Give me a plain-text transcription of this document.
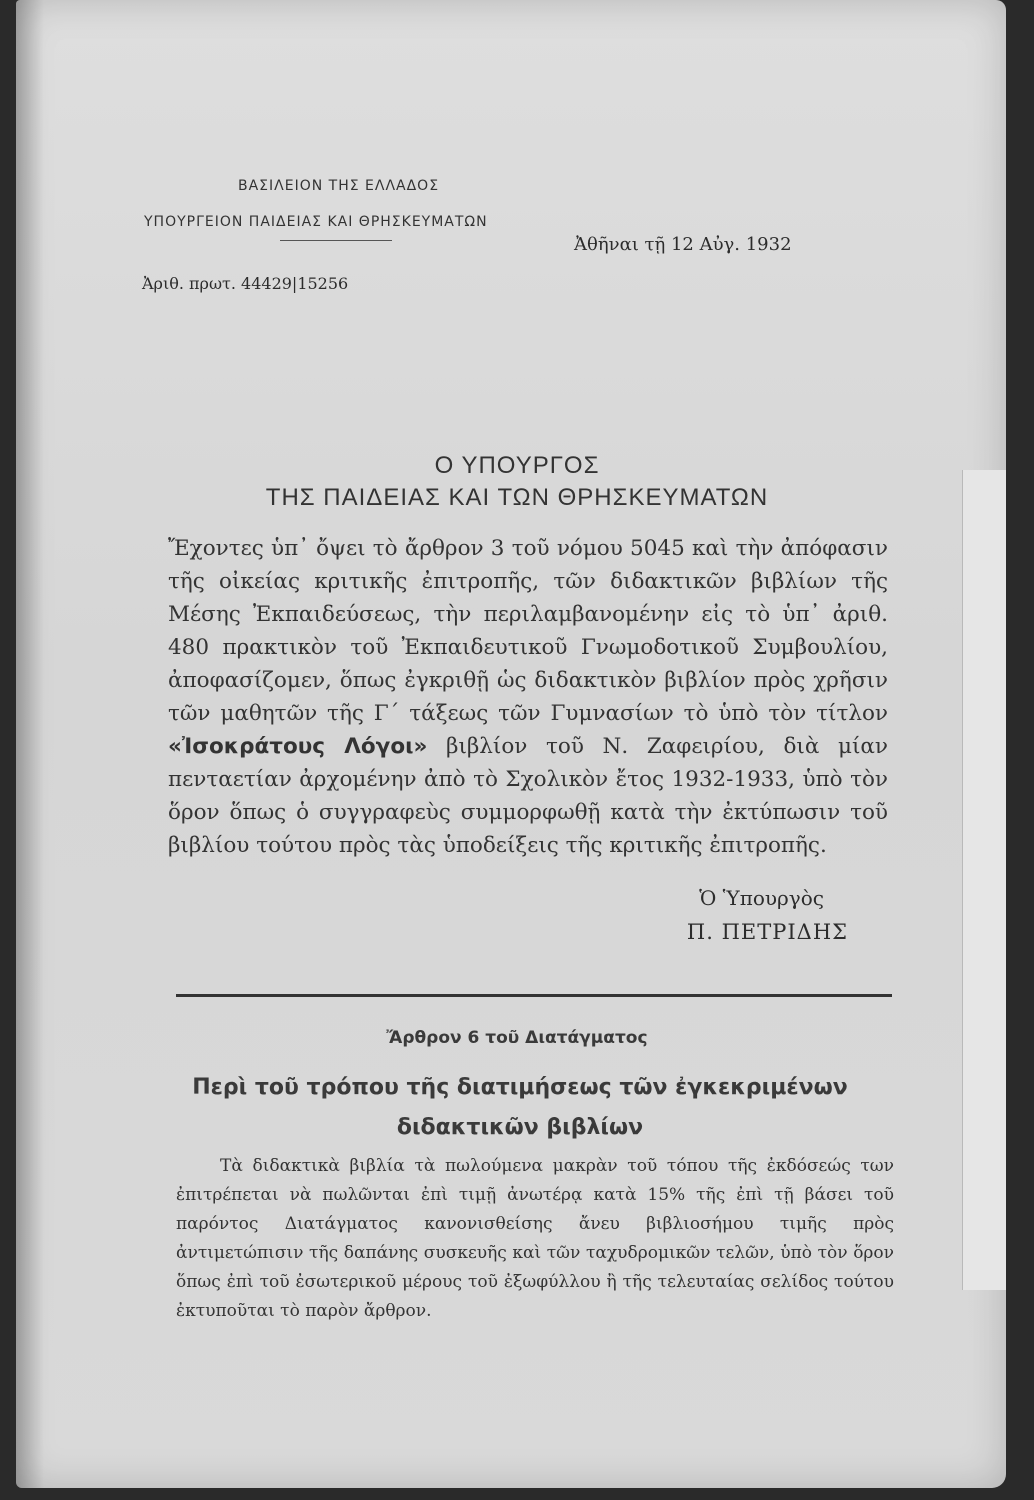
ΒΑΣΙΛΕΙΟΝ ΤΗΣ ΕΛΛΑΔΟΣ
ΥΠΟΥΡΓΕΙΟΝ ΠΑΙΔΕΙΑΣ ΚΑΙ ΘΡΗΣΚΕΥΜΑΤΩΝ
Ἀριθ. πρωτ. 44429|15256
Ἀθῆναι τῇ 12 Αὐγ. 1932
Ο ΥΠΟΥΡΓΟΣ
ΤΗΣ ΠΑΙΔΕΙΑΣ ΚΑΙ ΤΩΝ ΘΡΗΣΚΕΥΜΑΤΩΝ
Ἔχοντες ὑπ᾿ ὄψει τὸ ἄρθρον 3 τοῦ νόμου 5045 καὶ τὴν ἀπόφασιν τῆς οἰκείας κριτικῆς ἐπιτροπῆς, τῶν διδακτικῶν βιβλίων τῆς Μέσης Ἐκπαιδεύσεως, τὴν περιλαμβανομένην εἰς τὸ ὑπ᾿ ἀριθ. 480 πρακτικὸν τοῦ Ἐκπαιδευτικοῦ Γνωμοδοτικοῦ Συμβουλίου, ἀποφασίζομεν, ὅπως ἐγκριθῇ ὡς διδακτικὸν βιβλίον πρὸς χρῆσιν τῶν μαθητῶν τῆς Γ´ τάξεως τῶν Γυμνασίων τὸ ὑπὸ τὸν τίτλον «Ἰσοκράτους Λόγοι» βιβλίον τοῦ Ν. Ζαφειρίου, διὰ μίαν πενταετίαν ἀρχομένην ἀπὸ τὸ Σχολικὸν ἔτος 1932-1933, ὑπὸ τὸν ὅρον ὅπως ὁ συγγραφεὺς συμμορφωθῇ κατὰ τὴν ἐκτύπωσιν τοῦ βιβλίου τούτου πρὸς τὰς ὑποδείξεις τῆς κριτικῆς ἐπιτροπῆς.
Ὁ Ὑπουργὸς
Π. ΠΕΤΡΙΔΗΣ
Ἄρθρον 6 τοῦ Διατάγματος
Περὶ τοῦ τρόπου τῆς διατιμήσεως τῶν ἐγκεκριμένων διδακτικῶν βιβλίων
Τὰ διδακτικὰ βιβλία τὰ πωλούμενα μακρὰν τοῦ τόπου τῆς ἐκδόσεώς των ἐπιτρέπεται νὰ πωλῶνται ἐπὶ τιμῇ ἀνωτέρᾳ κατὰ 15% τῆς ἐπὶ τῇ βάσει τοῦ παρόντος Διατάγματος κανονισθείσης ἄνευ βιβλιοσήμου τιμῆς πρὸς ἀντιμετώπισιν τῆς δαπάνης συσκευῆς καὶ τῶν ταχυδρομικῶν τελῶν, ὑπὸ τὸν ὅρον ὅπως ἐπὶ τοῦ ἐσωτερικοῦ μέρους τοῦ ἐξωφύλλου ἢ τῆς τελευταίας σελίδος τούτου ἐκτυποῦται τὸ παρὸν ἄρθρον.
